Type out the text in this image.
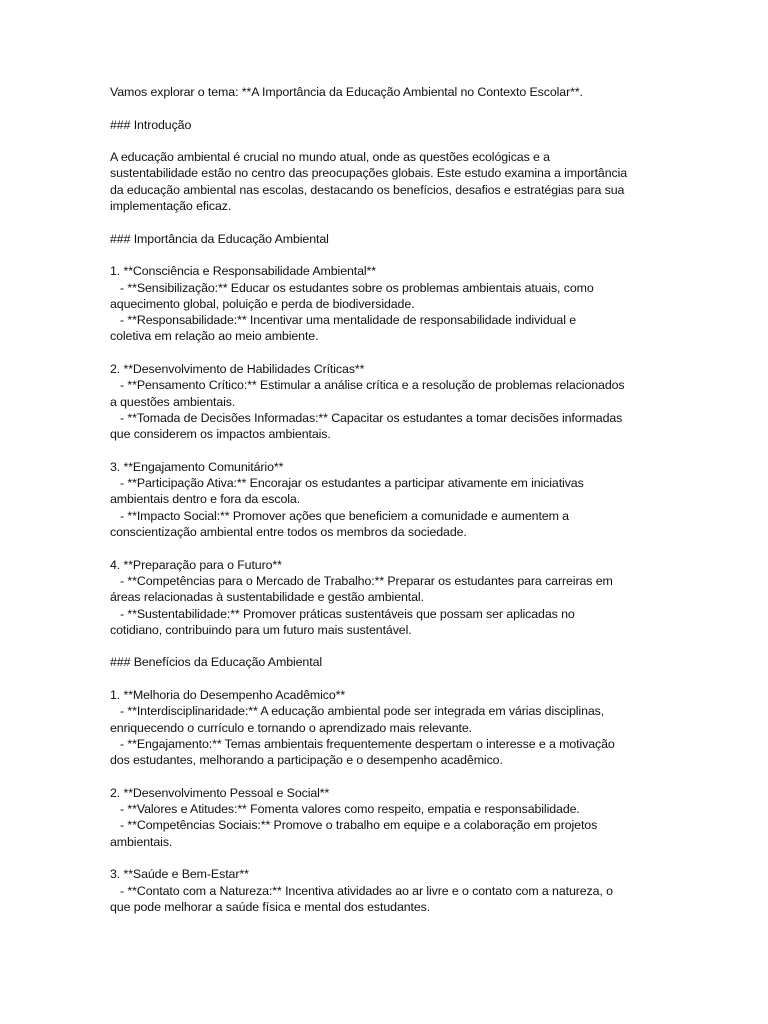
Vamos explorar o tema: **A Importância da Educação Ambiental no Contexto Escolar**.
### Introdução
A educação ambiental é crucial no mundo atual, onde as questões ecológicas e a
sustentabilidade estão no centro das preocupações globais. Este estudo examina a importância
da educação ambiental nas escolas, destacando os benefícios, desafios e estratégias para sua
implementação eficaz.
### Importância da Educação Ambiental
1. **Consciência e Responsabilidade Ambiental**
- **Sensibilização:** Educar os estudantes sobre os problemas ambientais atuais, como
aquecimento global, poluição e perda de biodiversidade.
- **Responsabilidade:** Incentivar uma mentalidade de responsabilidade individual e
coletiva em relação ao meio ambiente.
2. **Desenvolvimento de Habilidades Críticas**
- **Pensamento Crítico:** Estimular a análise crítica e a resolução de problemas relacionados
a questões ambientais.
- **Tomada de Decisões Informadas:** Capacitar os estudantes a tomar decisões informadas
que considerem os impactos ambientais.
3. **Engajamento Comunitário**
- **Participação Ativa:** Encorajar os estudantes a participar ativamente em iniciativas
ambientais dentro e fora da escola.
- **Impacto Social:** Promover ações que beneficiem a comunidade e aumentem a
conscientização ambiental entre todos os membros da sociedade.
4. **Preparação para o Futuro**
- **Competências para o Mercado de Trabalho:** Preparar os estudantes para carreiras em
áreas relacionadas à sustentabilidade e gestão ambiental.
- **Sustentabilidade:** Promover práticas sustentáveis que possam ser aplicadas no
cotidiano, contribuindo para um futuro mais sustentável.
### Benefícios da Educação Ambiental
1. **Melhoria do Desempenho Acadêmico**
- **Interdisciplinaridade:** A educação ambiental pode ser integrada em várias disciplinas,
enriquecendo o currículo e tornando o aprendizado mais relevante.
- **Engajamento:** Temas ambientais frequentemente despertam o interesse e a motivação
dos estudantes, melhorando a participação e o desempenho acadêmico.
2. **Desenvolvimento Pessoal e Social**
- **Valores e Atitudes:** Fomenta valores como respeito, empatia e responsabilidade.
- **Competências Sociais:** Promove o trabalho em equipe e a colaboração em projetos
ambientais.
3. **Saúde e Bem-Estar**
- **Contato com a Natureza:** Incentiva atividades ao ar livre e o contato com a natureza, o
que pode melhorar a saúde física e mental dos estudantes.
